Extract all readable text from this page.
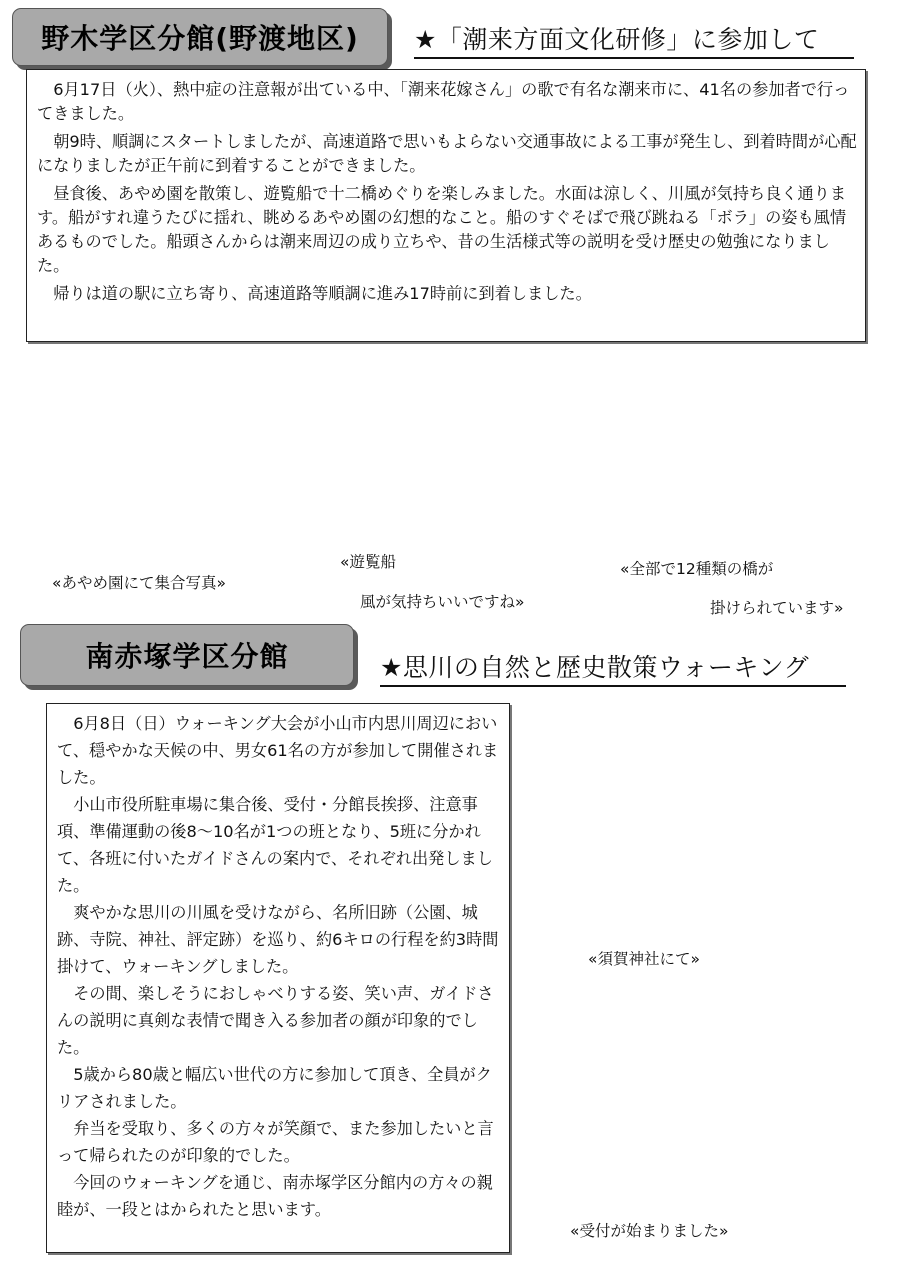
野木学区分館(野渡地区) ★「潮来方面文化研修」に参加して

6月17日（火）、熱中症の注意報が出ている中、「潮来花嫁さん」の歌で有名な潮来市に、41名の参加者で行ってきました。

朝9時、順調にスタートしましたが、高速道路で思いもよらない交通事故による工事が発生し、到着時間が心配になりましたが正午前に到着することができました。

昼食後、あやめ園を散策し、遊覧船で十二橋めぐりを楽しみました。水面は涼しく、川風が気持ち良く通ります。船がすれ違うたびに揺れ、眺めるあやめ園の幻想的なこと。船のすぐそばで飛び跳ねる「ボラ」の姿も風情あるものでした。船頭さんからは潮来周辺の成り立ちや、昔の生活様式等の説明を受け歴史の勉強になりました。

帰りは道の駅に立ち寄り、高速道路等順調に進み17時前に到着しました。

«あやめ園にて集合写真»
«遊覧船
風が気持ちいいですね»
«全部で12種類の橋が
掛けられています»
南赤塚学区分館	★思川の自然と歴史散策ウォーキング

6月8日（日）ウォーキング大会が小山市内思川周辺において、穏やかな天候の中、男女61名の方が参加して開催されました。

小山市役所駐車場に集合後、受付・分館長挨拶、注意事項、準備運動の後8〜10名が1つの班となり、5班に分かれて、各班に付いたガイドさんの案内で、それぞれ出発しました。

爽やかな思川の川風を受けながら、名所旧跡（公園、城跡、寺院、神社、評定跡）を巡り、約6キロの行程を約3時間掛けて、ウォーキングしました。

その間、楽しそうにおしゃべりする姿、笑い声、ガイドさんの説明に真剣な表情で聞き入る参加者の顔が印象的でした。

5歳から80歳と幅広い世代の方に参加して頂き、全員がクリアされました。

弁当を受取り、多くの方々が笑顔で、また参加したいと言って帰られたのが印象的でした。

今回のウォーキングを通じ、南赤塚学区分館内の方々の親睦が、一段とはかられたと思います。

«須賀神社にて»
«受付が始まりました»
